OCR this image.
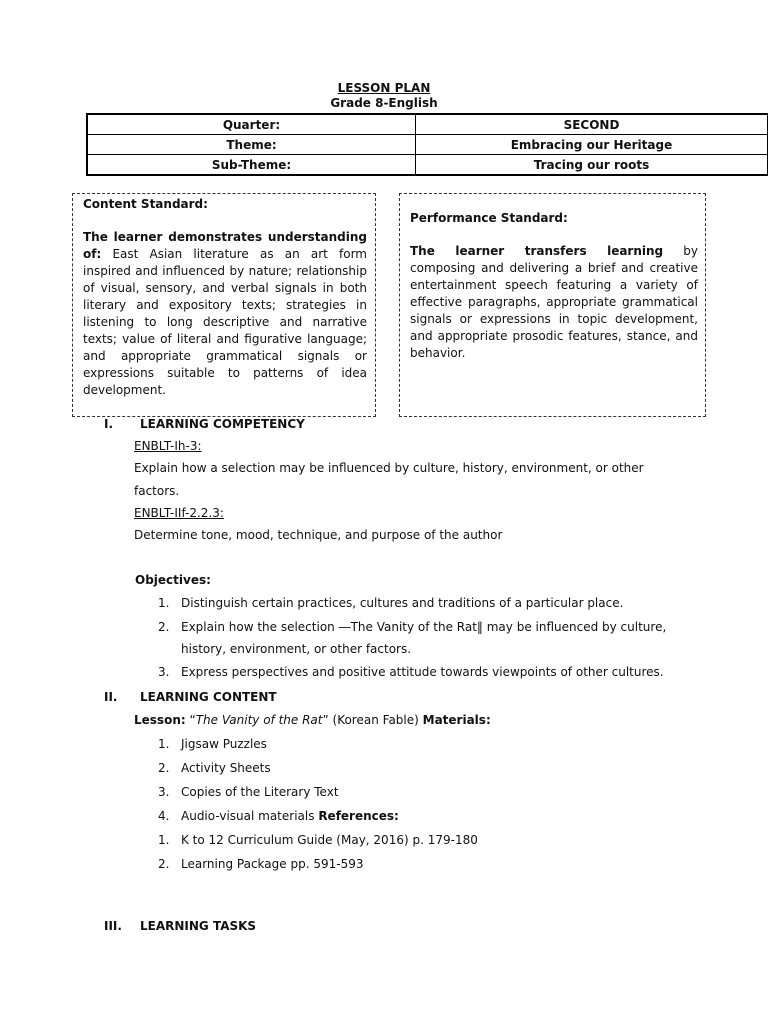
LESSON PLAN
Grade 8-English
Quarter:	SECOND
Theme:	Embracing our Heritage
Sub-Theme:	Tracing our roots
Content Standard:
The learner demonstrates understanding of: East Asian literature as an art form inspired and influenced by nature; relationship of visual, sensory, and verbal signals in both literary and expository texts; strategies in listening to long descriptive and narrative texts; value of literal and figurative language; and appropriate grammatical signals or expressions suitable to patterns of idea development.
Performance Standard:
The learner transfers learning by composing and delivering a brief and creative entertainment speech featuring a variety of effective paragraphs, appropriate grammatical signals or expressions in topic development, and appropriate prosodic features, stance, and behavior.
I.	LEARNING COMPETENCY
ENBLT-Ih-3:
Explain how a selection may be influenced by culture, history, environment, or other
factors.
ENBLT-IIf-2.2.3:
Determine tone, mood, technique, and purpose of the author
Objectives:
1. Distinguish certain practices, cultures and traditions of a particular place.
2. Explain how the selection ―The Vanity of the Rat‖ may be influenced by culture,
history, environment, or other factors.
3. Express perspectives and positive attitude towards viewpoints of other cultures.
II.	LEARNING CONTENT
Lesson: “The Vanity of the Rat” (Korean Fable) Materials:
1. Jigsaw Puzzles
2. Activity Sheets
3. Copies of the Literary Text
4. Audio-visual materials References:
1. K to 12 Curriculum Guide (May, 2016) p. 179-180
2. Learning Package pp. 591-593
III.	LEARNING TASKS
